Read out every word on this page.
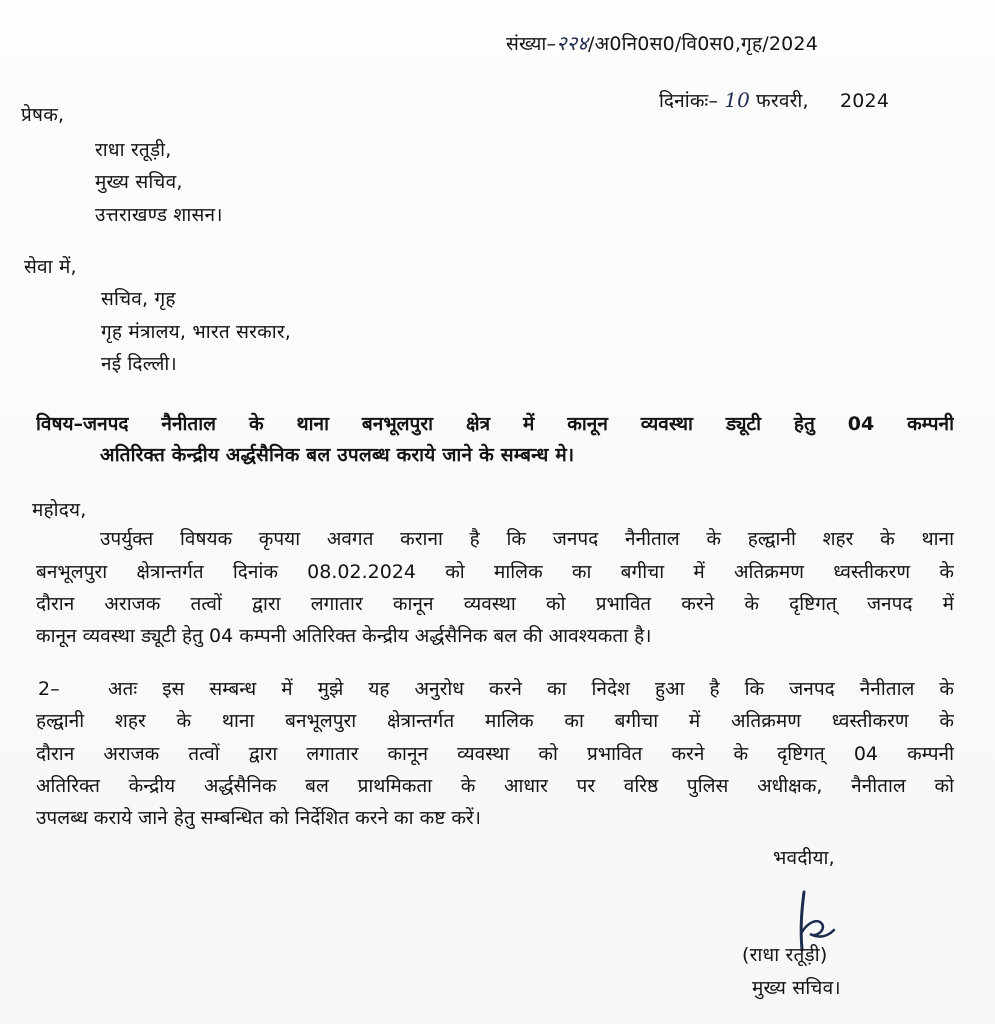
संख्या–२२४/अ0नि0स0/वि0स0,गृह/2024

दिनांकः– 10 फरवरी,     2024

प्रेषक,
राधा रतूड़ी,
मुख्य सचिव,
उत्तराखण्ड शासन।
सेवा में,
सचिव, गृह
गृह मंत्रालय, भारत सरकार,
नई दिल्ली।
विषय–जनपद नैनीताल के थाना बनभूलपुरा क्षेत्र में कानून व्यवस्था ड्यूटी हेतु 04 कम्पनी
अतिरिक्त केन्द्रीय अर्द्धसैनिक बल उपलब्ध कराये जाने के सम्बन्ध मे।
महोदय,
उपर्युक्त विषयक कृपया अवगत कराना है कि जनपद नैनीताल के हल्द्वानी शहर के थाना
बनभूलपुरा क्षेत्रान्तर्गत दिनांक 08.02.2024 को मालिक का बगीचा में अतिक्रमण ध्वस्तीकरण के
दौरान अराजक तत्वों द्वारा लगातार कानून व्यवस्था को प्रभावित करने के दृष्टिगत् जनपद में
कानून व्यवस्था ड्यूटी हेतु 04 कम्पनी अतिरिक्त केन्द्रीय अर्द्धसैनिक बल की आवश्यकता है।
2–	अतः इस सम्बन्ध में मुझे यह अनुरोध करने का निदेश हुआ है कि जनपद नैनीताल के
हल्द्वानी शहर के थाना बनभूलपुरा क्षेत्रान्तर्गत मालिक का बगीचा में अतिक्रमण ध्वस्तीकरण के
दौरान अराजक तत्वों द्वारा लगातार कानून व्यवस्था को प्रभावित करने के दृष्टिगत् 04 कम्पनी
अतिरिक्त केन्द्रीय अर्द्धसैनिक बल प्राथमिकता के आधार पर वरिष्ठ पुलिस अधीक्षक, नैनीताल को
उपलब्ध कराये जाने हेतु सम्बन्धित को निर्देशित करने का कष्ट करें।
भवदीया,
(राधा रतूड़ी)
मुख्य सचिव।
